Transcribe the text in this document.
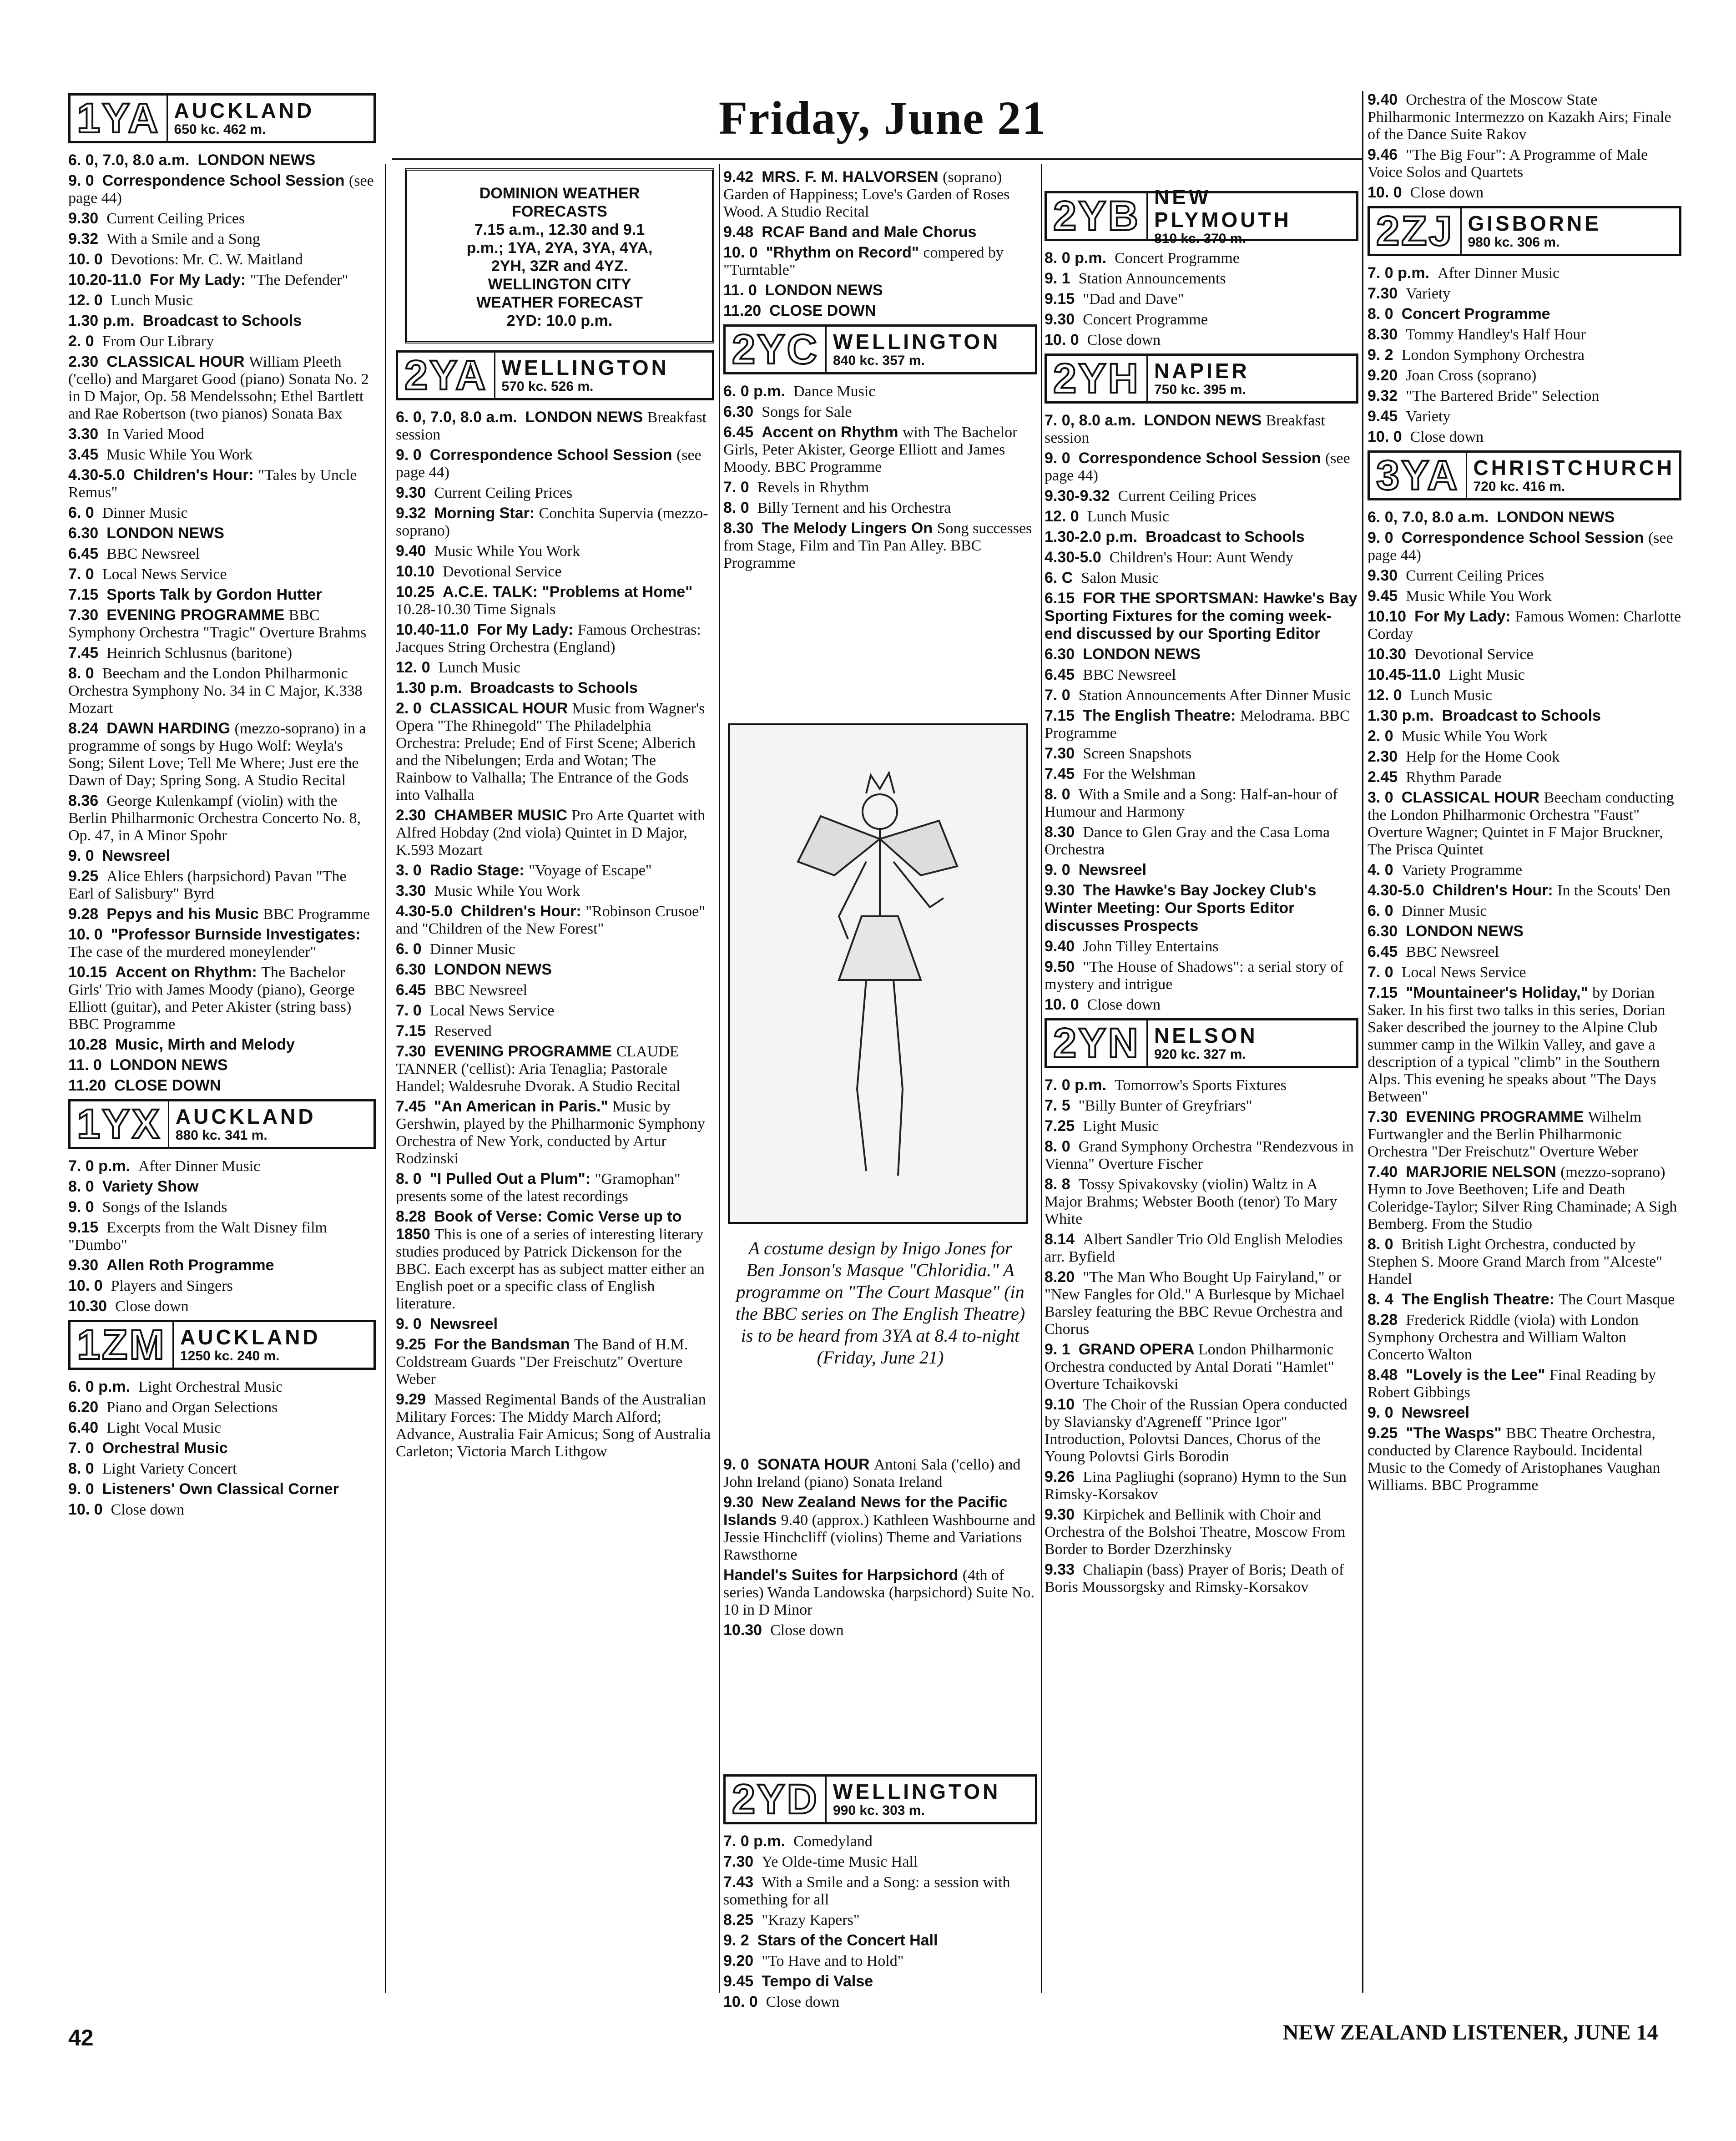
Friday, June 21
DOMINION WEATHER
FORECASTS
7.15 a.m., 12.30 and 9.1
p.m.; 1YA, 2YA, 3YA, 4YA,
2YH, 3ZR and 4YZ.
WELLINGTON CITY
WEATHER FORECAST
2YD: 10.0 p.m.
A costume design by Inigo Jones for Ben Jonson's Masque "Chloridia." A programme on "The Court Masque" (in the BBC series on The English Theatre) is to be heard from 3YA at 8.4 to-night (Friday, June 21)
1YA AUCKLAND
650 kc. 462 m.
6. 0, 7.0, 8.0 a.m. LONDON NEWS
9. 0 Correspondence School Session (see page 44)
9.30 Current Ceiling Prices
9.32 With a Smile and a Song
10. 0 Devotions: Mr. C. W. Maitland
10.20-11.0 For My Lady: "The Defender"
12. 0 Lunch Music
1.30 p.m. Broadcast to Schools
2. 0 From Our Library
2.30 CLASSICAL HOUR William Pleeth ('cello) and Margaret Good (piano) Sonata No. 2 in D Major, Op. 58 Mendelssohn; Ethel Bartlett and Rae Robertson (two pianos) Sonata Bax
3.30 In Varied Mood
3.45 Music While You Work
4.30-5.0 Children's Hour: "Tales by Uncle Remus"
6. 0 Dinner Music
6.30 LONDON NEWS
6.45 BBC Newsreel
7. 0 Local News Service
7.15 Sports Talk by Gordon Hutter
7.30 EVENING PROGRAMME BBC Symphony Orchestra "Tragic" Overture Brahms
7.45 Heinrich Schlusnus (baritone)
8. 0 Beecham and the London Philharmonic Orchestra Symphony No. 34 in C Major, K.338 Mozart
8.24 DAWN HARDING (mezzo-soprano) in a programme of songs by Hugo Wolf: Weyla's Song; Silent Love; Tell Me Where; Just ere the Dawn of Day; Spring Song. A Studio Recital
8.36 George Kulenkampf (violin) with the Berlin Philharmonic Orchestra Concerto No. 8, Op. 47, in A Minor Spohr
9. 0 Newsreel
9.25 Alice Ehlers (harpsichord) Pavan "The Earl of Salisbury" Byrd
9.28 Pepys and his Music BBC Programme
10. 0 "Professor Burnside Investigates: The case of the murdered moneylender"
10.15 Accent on Rhythm: The Bachelor Girls' Trio with James Moody (piano), George Elliott (guitar), and Peter Akister (string bass) BBC Programme
10.28 Music, Mirth and Melody
11. 0 LONDON NEWS
11.20 CLOSE DOWN
1YX AUCKLAND
880 kc. 341 m.
7. 0 p.m. After Dinner Music
8. 0 Variety Show
9. 0 Songs of the Islands
9.15 Excerpts from the Walt Disney film "Dumbo"
9.30 Allen Roth Programme
10. 0 Players and Singers
10.30 Close down
1ZM AUCKLAND
1250 kc. 240 m.
6. 0 p.m. Light Orchestral Music
6.20 Piano and Organ Selections
6.40 Light Vocal Music
7. 0 Orchestral Music
8. 0 Light Variety Concert
9. 0 Listeners' Own Classical Corner
10. 0 Close down
2YA WELLINGTON
570 kc. 526 m.
6. 0, 7.0, 8.0 a.m. LONDON NEWS Breakfast session
9. 0 Correspondence School Session (see page 44)
9.30 Current Ceiling Prices
9.32 Morning Star: Conchita Supervia (mezzo-soprano)
9.40 Music While You Work
10.10 Devotional Service
10.25 A.C.E. TALK: "Problems at Home" 10.28-10.30 Time Signals
10.40-11.0 For My Lady: Famous Orchestras: Jacques String Orchestra (England)
12. 0 Lunch Music
1.30 p.m. Broadcasts to Schools
2. 0 CLASSICAL HOUR Music from Wagner's Opera "The Rhinegold" The Philadelphia Orchestra: Prelude; End of First Scene; Alberich and the Nibelungen; Erda and Wotan; The Rainbow to Valhalla; The Entrance of the Gods into Valhalla
2.30 CHAMBER MUSIC Pro Arte Quartet with Alfred Hobday (2nd viola) Quintet in D Major, K.593 Mozart
3. 0 Radio Stage: "Voyage of Escape"
3.30 Music While You Work
4.30-5.0 Children's Hour: "Robinson Crusoe" and "Children of the New Forest"
6. 0 Dinner Music
6.30 LONDON NEWS
6.45 BBC Newsreel
7. 0 Local News Service
7.15 Reserved
7.30 EVENING PROGRAMME CLAUDE TANNER ('cellist): Aria Tenaglia; Pastorale Handel; Waldesruhe Dvorak. A Studio Recital
7.45 "An American in Paris." Music by Gershwin, played by the Philharmonic Symphony Orchestra of New York, conducted by Artur Rodzinski
8. 0 "I Pulled Out a Plum": "Gramophan" presents some of the latest recordings
8.28 Book of Verse: Comic Verse up to 1850 This is one of a series of interesting literary studies produced by Patrick Dickenson for the BBC. Each excerpt has as subject matter either an English poet or a specific class of English literature.
9. 0 Newsreel
9.25 For the Bandsman The Band of H.M. Coldstream Guards "Der Freischutz" Overture Weber
9.29 Massed Regimental Bands of the Australian Military Forces: The Middy March Alford; Advance, Australia Fair Amicus; Song of Australia Carleton; Victoria March Lithgow
9.42 MRS. F. M. HALVORSEN (soprano) Garden of Happiness; Love's Garden of Roses Wood. A Studio Recital
9.48 RCAF Band and Male Chorus
10. 0 "Rhythm on Record" compered by "Turntable"
11. 0 LONDON NEWS
11.20 CLOSE DOWN
2YC WELLINGTON
840 kc. 357 m.
6. 0 p.m. Dance Music
6.30 Songs for Sale
6.45 Accent on Rhythm with The Bachelor Girls, Peter Akister, George Elliott and James Moody. BBC Programme
7. 0 Revels in Rhythm
8. 0 Billy Ternent and his Orchestra
8.30 The Melody Lingers On Song successes from Stage, Film and Tin Pan Alley. BBC Programme
2YD WELLINGTON
990 kc. 303 m.
7. 0 p.m. Comedyland
7.30 Ye Olde-time Music Hall
7.43 With a Smile and a Song: a session with something for all
8.25 "Krazy Kapers"
9. 2 Stars of the Concert Hall
9.20 "To Have and to Hold"
9.45 Tempo di Valse
10. 0 Close down
2YB NEW PLYMOUTH
810 kc. 370 m.
8. 0 p.m. Concert Programme
9. 1 Station Announcements
9.15 "Dad and Dave"
9.30 Concert Programme
10. 0 Close down
2YH NAPIER
750 kc. 395 m.
7. 0, 8.0 a.m. LONDON NEWS Breakfast session
9. 0 Correspondence School Session (see page 44)
9.30-9.32 Current Ceiling Prices
12. 0 Lunch Music
1.30-2.0 p.m. Broadcast to Schools
4.30-5.0 Children's Hour: Aunt Wendy
6. C Salon Music
6.15 FOR THE SPORTSMAN: Hawke's Bay Sporting Fixtures for the coming week-end discussed by our Sporting Editor
6.30 LONDON NEWS
6.45 BBC Newsreel
7. 0 Station Announcements After Dinner Music
7.15 The English Theatre: Melodrama. BBC Programme
7.30 Screen Snapshots
7.45 For the Welshman
8. 0 With a Smile and a Song: Half-an-hour of Humour and Harmony
8.30 Dance to Glen Gray and the Casa Loma Orchestra
9. 0 Newsreel
9.30 The Hawke's Bay Jockey Club's Winter Meeting: Our Sports Editor discusses Prospects
9.40 John Tilley Entertains
9.50 "The House of Shadows": a serial story of mystery and intrigue
10. 0 Close down
2YN NELSON
920 kc. 327 m.
7. 0 p.m. Tomorrow's Sports Fixtures
7. 5 "Billy Bunter of Greyfriars"
7.25 Light Music
8. 0 Grand Symphony Orchestra "Rendezvous in Vienna" Overture Fischer
8. 8 Tossy Spivakovsky (violin) Waltz in A Major Brahms; Webster Booth (tenor) To Mary White
8.14 Albert Sandler Trio Old English Melodies arr. Byfield
8.20 "The Man Who Bought Up Fairyland," or "New Fangles for Old." A Burlesque by Michael Barsley featuring the BBC Revue Orchestra and Chorus
9. 1 GRAND OPERA London Philharmonic Orchestra conducted by Antal Dorati "Hamlet" Overture Tchaikovski
9.10 The Choir of the Russian Opera conducted by Slaviansky d'Agreneff "Prince Igor" Introduction, Polovtsi Dances, Chorus of the Young Polovtsi Girls Borodin
9.26 Lina Pagliughi (soprano) Hymn to the Sun Rimsky-Korsakov
9.30 Kirpichek and Bellinik with Choir and Orchestra of the Bolshoi Theatre, Moscow From Border to Border Dzerzhinsky
9.33 Chaliapin (bass) Prayer of Boris; Death of Boris Moussorgsky and Rimsky-Korsakov
9.40 Orchestra of the Moscow State Philharmonic Intermezzo on Kazakh Airs; Finale of the Dance Suite Rakov
9.46 "The Big Four": A Programme of Male Voice Solos and Quartets
10. 0 Close down
2ZJ GISBORNE
980 kc. 306 m.
7. 0 p.m. After Dinner Music
7.30 Variety
8. 0 Concert Programme
8.30 Tommy Handley's Half Hour
9. 2 London Symphony Orchestra
9.20 Joan Cross (soprano)
9.32 "The Bartered Bride" Selection
9.45 Variety
10. 0 Close down
3YA CHRISTCHURCH
720 kc. 416 m.
6. 0, 7.0, 8.0 a.m. LONDON NEWS
9. 0 Correspondence School Session (see page 44)
9.30 Current Ceiling Prices
9.45 Music While You Work
10.10 For My Lady: Famous Women: Charlotte Corday
10.30 Devotional Service
10.45-11.0 Light Music
12. 0 Lunch Music
1.30 p.m. Broadcast to Schools
2. 0 Music While You Work
2.30 Help for the Home Cook
2.45 Rhythm Parade
3. 0 CLASSICAL HOUR Beecham conducting the London Philharmonic Orchestra "Faust" Overture Wagner; Quintet in F Major Bruckner, The Prisca Quintet
4. 0 Variety Programme
4.30-5.0 Children's Hour: In the Scouts' Den
6. 0 Dinner Music
6.30 LONDON NEWS
6.45 BBC Newsreel
7. 0 Local News Service
7.15 "Mountaineer's Holiday," by Dorian Saker. In his first two talks in this series, Dorian Saker described the journey to the Alpine Club summer camp in the Wilkin Valley, and gave a description of a typical "climb" in the Southern Alps. This evening he speaks about "The Days Between"
7.30 EVENING PROGRAMME Wilhelm Furtwangler and the Berlin Philharmonic Orchestra "Der Freischutz" Overture Weber
7.40 MARJORIE NELSON (mezzo-soprano) Hymn to Jove Beethoven; Life and Death Coleridge-Taylor; Silver Ring Chaminade; A Sigh Bemberg. From the Studio
8. 0 British Light Orchestra, conducted by Stephen S. Moore Grand March from "Alceste" Handel
8. 4 The English Theatre: The Court Masque
8.28 Frederick Riddle (viola) with London Symphony Orchestra and William Walton Concerto Walton
8.48 "Lovely is the Lee" Final Reading by Robert Gibbings
9. 0 Newsreel
9.25 "The Wasps" BBC Theatre Orchestra, conducted by Clarence Raybould. Incidental Music to the Comedy of Aristophanes Vaughan Williams. BBC Programme
42	NEW ZEALAND LISTENER, JUNE 14
9. 0 SONATA HOUR Antoni Sala ('cello) and John Ireland (piano) Sonata Ireland
9.30 New Zealand News for the Pacific Islands 9.40 (approx.) Kathleen Washbourne and Jessie Hinchcliff (violins) Theme and Variations Rawsthorne
Handel's Suites for Harpsichord (4th of series) Wanda Landowska (harpsichord) Suite No. 10 in D Minor
10.30 Close down
